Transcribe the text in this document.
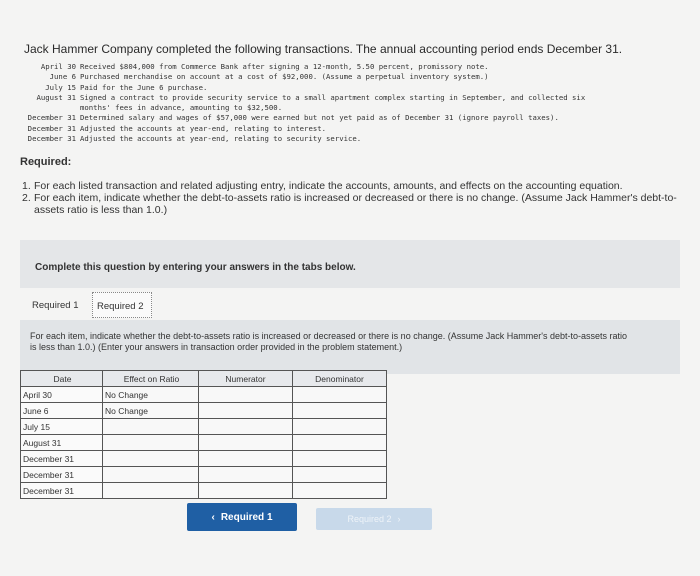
Jack Hammer Company completed the following transactions. The annual accounting period ends December 31.
April 30 Received $804,000 from Commerce Bank after signing a 12-month, 5.50 percent, promissory note.
June 6 Purchased merchandise on account at a cost of $92,000. (Assume a perpetual inventory system.)
July 15 Paid for the June 6 purchase.
August 31 Signed a contract to provide security service to a small apartment complex starting in September, and collected six
months' fees in advance, amounting to $32,500.
December 31 Determined salary and wages of $57,000 were earned but not yet paid as of December 31 (ignore payroll taxes).
December 31 Adjusted the accounts at year-end, relating to interest.
December 31 Adjusted the accounts at year-end, relating to security service.
Required:
1. For each listed transaction and related adjusting entry, indicate the accounts, amounts, and effects on the accounting equation.
2. For each item, indicate whether the debt-to-assets ratio is increased or decreased or there is no change. (Assume Jack Hammer's debt-to-assets ratio is less than 1.0.)
Complete this question by entering your answers in the tabs below.
Required 1	Required 2
For each item, indicate whether the debt-to-assets ratio is increased or decreased or there is no change. (Assume Jack Hammer's debt-to-assets ratio is less than 1.0.) (Enter your answers in transaction order provided in the problem statement.)
Date	Effect on Ratio	Numerator	Denominator
April 30	No Change		
June 6	No Change		
July 15			
August 31			
December 31			
December 31			
December 31			
‹ Required 1	Required 2 ›
